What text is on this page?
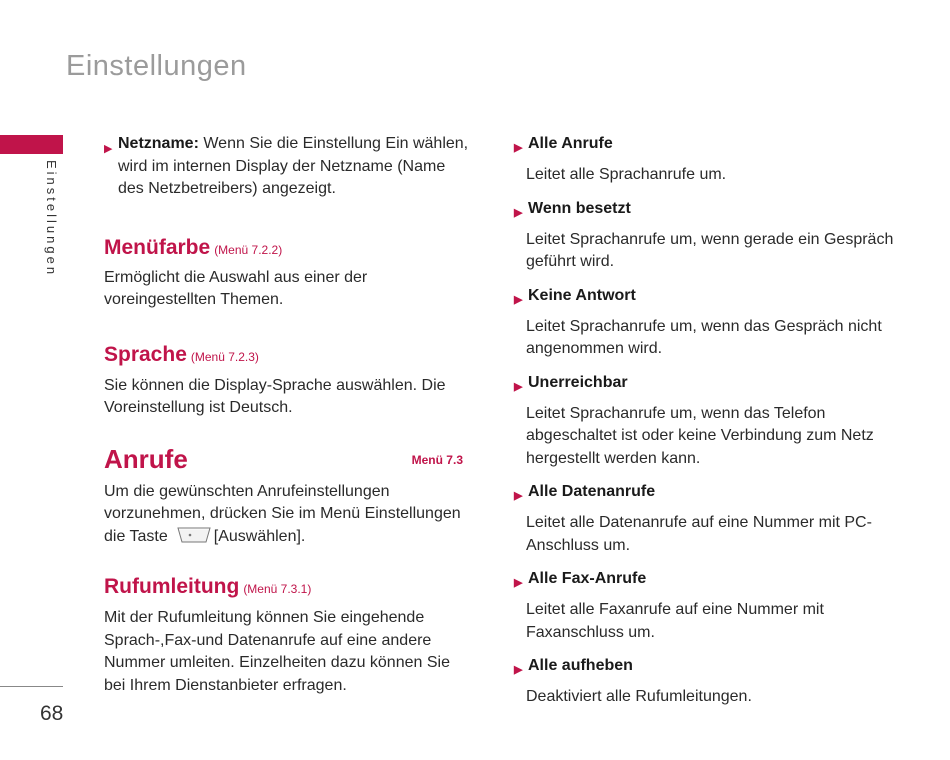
Einstellungen
Einstellungen
68

▶ Netzname: Wenn Sie die Einstellung Ein wählen, wird im internen Display der Netzname (Name des Netzbetreibers) angezeigt.

Menüfarbe (Menü 7.2.2)

Ermöglicht die Auswahl aus einer der voreingestellten Themen.

Sprache (Menü 7.2.3)

Sie können die Display-Sprache auswählen. Die Voreinstellung ist Deutsch.

Anrufe	Menü 7.3

Um die gewünschten Anrufeinstellungen vorzunehmen, drücken Sie im Menü Einstellungen die Taste	[Auswählen].

Rufumleitung (Menü 7.3.1)

Mit der Rufumleitung können Sie eingehende Sprach-,Fax-und Datenanrufe auf eine andere Nummer umleiten. Einzelheiten dazu können Sie bei Ihrem Dienstanbieter erfragen.

▶ Alle Anrufe
Leitet alle Sprachanrufe um.
▶ Wenn besetzt
Leitet Sprachanrufe um, wenn gerade ein Gespräch geführt wird.
▶ Keine Antwort
Leitet Sprachanrufe um, wenn das Gespräch nicht angenommen wird.
▶ Unerreichbar
Leitet Sprachanrufe um, wenn das Telefon abgeschaltet ist oder keine Verbindung zum Netz hergestellt werden kann.
▶ Alle Datenanrufe
Leitet alle Datenanrufe auf eine Nummer mit PC-Anschluss um.
▶ Alle Fax-Anrufe
Leitet alle Faxanrufe auf eine Nummer mit Faxanschluss um.
▶ Alle aufheben
Deaktiviert alle Rufumleitungen.
